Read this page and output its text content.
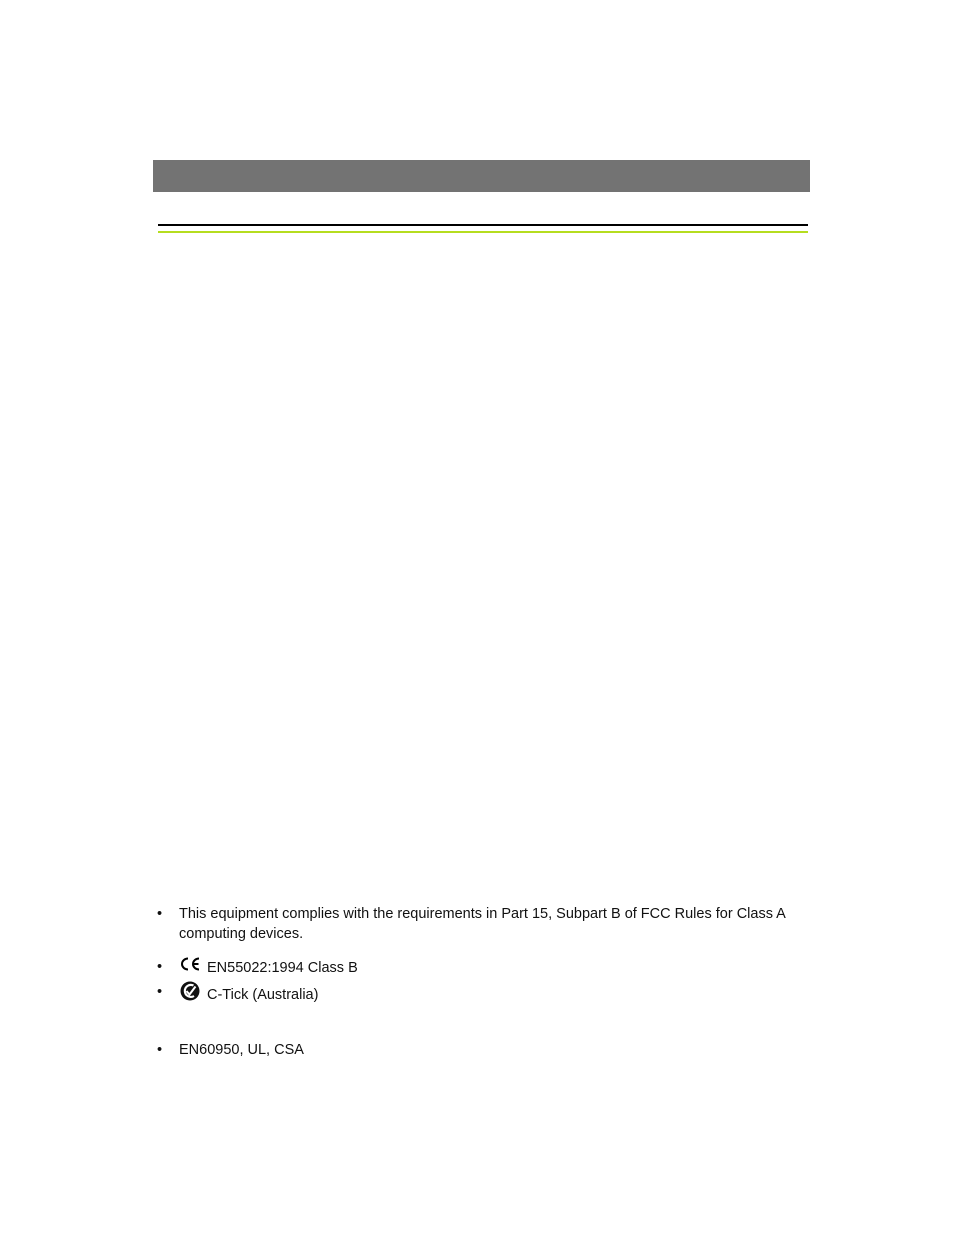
•	This equipment complies with the requirements in Part 15, Subpart B of FCC Rules for Class A computing devices.
•	EN55022:1994 Class B
•	C-Tick (Australia)
•	EN60950, UL, CSA
